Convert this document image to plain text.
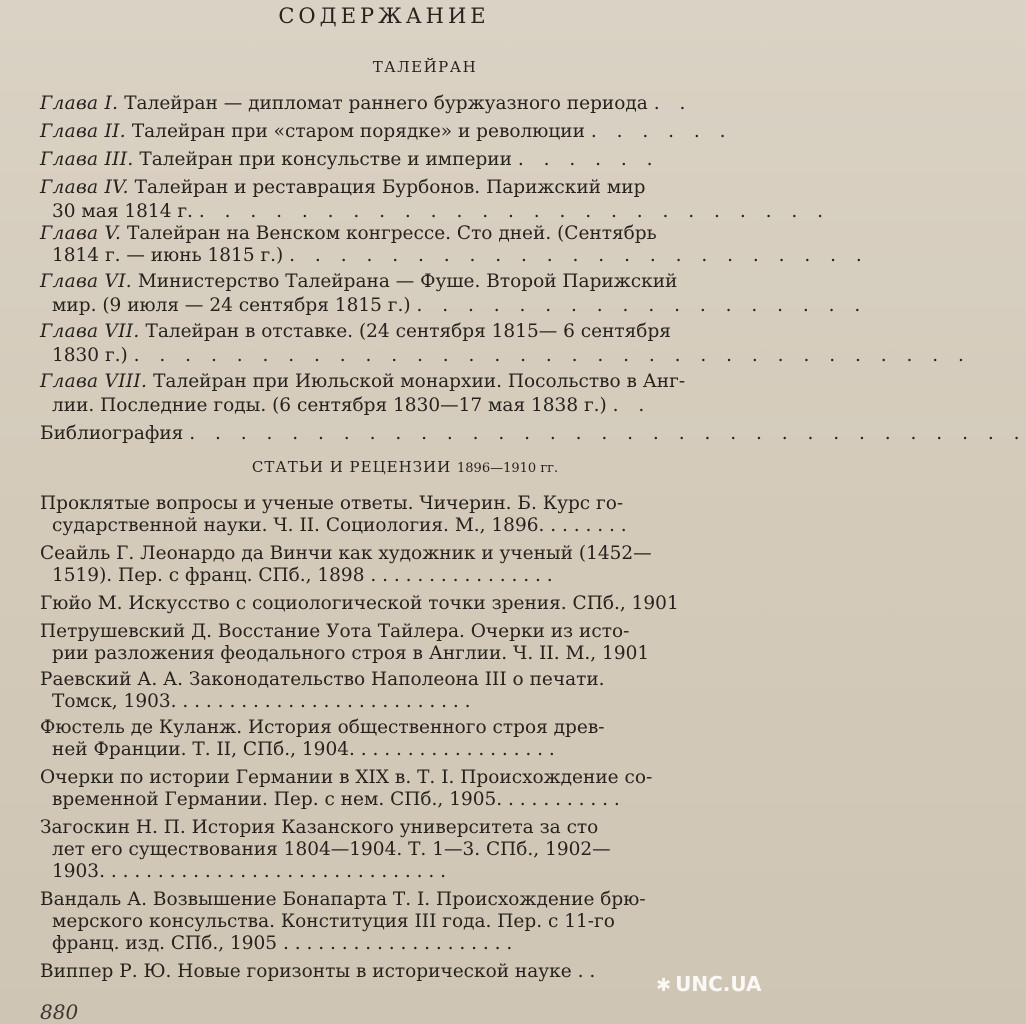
СОДЕРЖАНИЕ
ТАЛЕЙРАН
Глава I. Талейран — дипломат раннего буржуазного периода . .
Глава II. Талейран при «старом порядке» и революции . . . . . .
Глава III. Талейран при консульстве и империи . . . . . .
Глава IV. Талейран и реставрация Бурбонов. Парижский мир
30 мая 1814 г. . . . . . . . . . . . . . . . . . . . . . . . . .
Глава V. Талейран на Венском конгрессе. Сто дней. (Сентябрь
1814 г. — июнь 1815 г.) . . . . . . . . . . . . . . . . . . . . . . .
Глава VI. Министерство Талейрана — Фуше. Второй Парижский
мир. (9 июля — 24 сентября 1815 г.) . . . . . . . . . . . . . . . . . .
Глава VII. Талейран в отставке. (24 сентября 1815— 6 сентября
1830 г.) . . . . . . . . . . . . . . . . . . . . . . . . . . . . . . . . .
Глава VIII. Талейран при Июльской монархии. Посольство в Анг-
лии. Последние годы. (6 сентября 1830—17 мая 1838 г.) . .
Библиография . . . . . . . . . . . . . . . . . . . . . . . . . . . . . . . . .
СТАТЬИ И РЕЦЕНЗИИ 1896—1910 гг.
Проклятые вопросы и ученые ответы. Чичерин. Б. Курс го-
сударственной науки. Ч. II. Социология. М., 1896. . . . . . . .
Сеайль Г. Леонардо да Винчи как художник и ученый (1452—
1519). Пер. с франц. СПб., 1898 . . . . . . . . . . . . . . . .
Гюйо М. Искусство с социологической точки зрения. СПб., 1901
Петрушевский Д. Восстание Уота Тайлера. Очерки из исто-
рии разложения феодального строя в Англии. Ч. II. М., 1901
Раевский А. А. Законодательство Наполеона III о печати.
Томск, 1903. . . . . . . . . . . . . . . . . . . . . . . . . .
Фюстель де Куланж. История общественного строя древ-
ней Франции. Т. II, СПб., 1904. . . . . . . . . . . . . . . . . .
Очерки по истории Германии в XIX в. Т. I. Происхождение со-
временной Германии. Пер. с нем. СПб., 1905. . . . . . . . . . .
Загоскин Н. П. История Казанского университета за сто
лет его существования 1804—1904. Т. 1—3. СПб., 1902—
1903. . . . . . . . . . . . . . . . . . . . . . . . . . . . . .
Вандаль А. Возвышение Бонапарта Т. I. Происхождение брю-
мерского консульства. Конституция III года. Пер. с 11-го
франц. изд. СПб., 1905 . . . . . . . . . . . . . . . . . . . .
Виппер Р. Ю. Новые горизонты в исторической науке . .
880
✱ UNC.UA
